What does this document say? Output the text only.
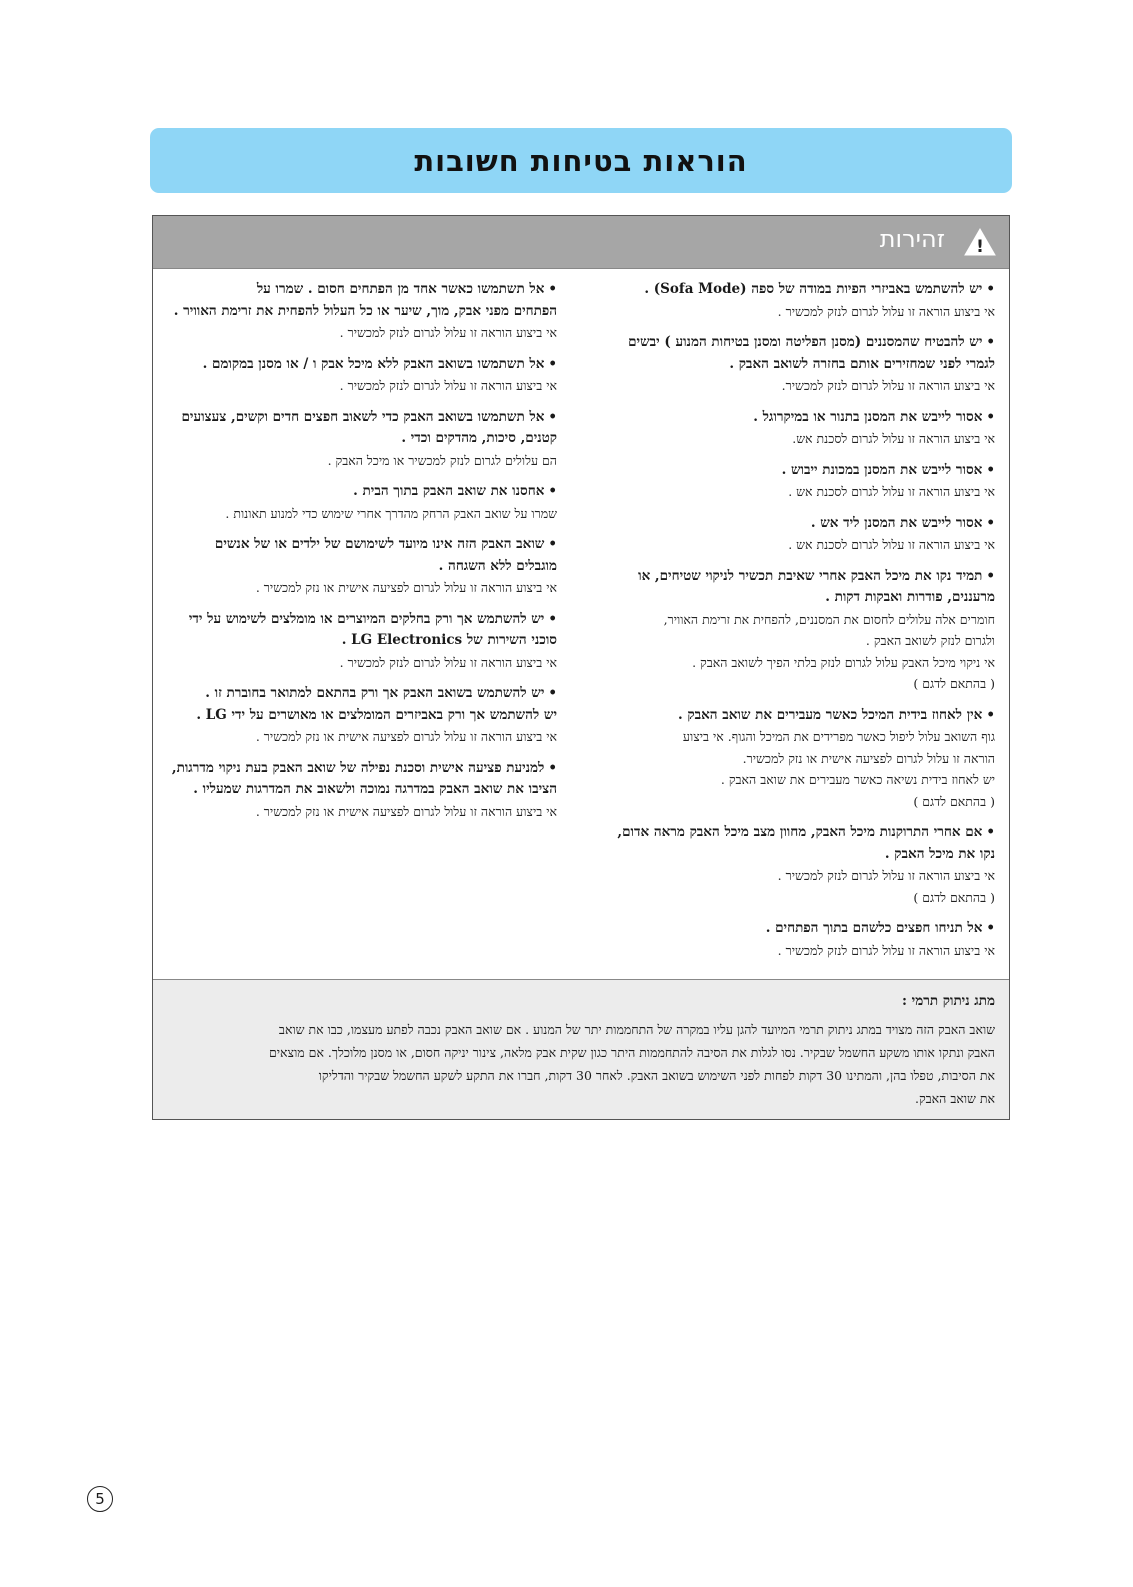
הוראות בטיחות חשובות
!
זהירות

•יש להשתמש באביזרי הפיות במודה של ספה (Sofa Mode) .

אי ביצוע הוראה זו עלול לגרום לנזק למכשיר .

•יש להבטיח שהמסננים (מסנן הפליטה ומסנן בטיחות המנוע ) יבשים

לגמרי לפני שמחזירים אותם בחזרה לשואב האבק .

אי ביצוע הוראה זו עלול לגרום לנזק למכשיר.

•אסור לייבש את המסנן בתנור או במיקרוגל .

אי ביצוע הוראה זו עלול לגרום לסכנת אש.

•אסור לייבש את המסנן במכונת ייבוש .

אי ביצוע הוראה זו עלול לגרום לסכנת אש .

•אסור לייבש את המסנן ליד אש .

אי ביצוע הוראה זו עלול לגרום לסכנת אש .

•תמיד נקו את מיכל האבק אחרי שאיבת תכשיר לניקוי שטיחים, או

מרעננים, פודרות ואבקות דקות .

חומרים אלה עלולים לחסום את המסננים, להפחית את זרימת האוויר,

ולגרום לנזק לשואב האבק .

אי ניקוי מיכל האבק עלול לגרום לנזק בלתי הפיך לשואב האבק .

( בהתאם לדגם )

•אין לאחוז בידית המיכל כאשר מעבירים את שואב האבק .

גוף השואב עלול ליפול כאשר מפרידים את המיכל והגוף. אי ביצוע

הוראה זו עלול לגרום לפציעה אישית או נזק למכשיר.

יש לאחוז בידית נשיאה כאשר מעבירים את שואב האבק .

( בהתאם לדגם )

•אם אחרי התרוקנות מיכל האבק, מחוון מצב מיכל האבק מראה אדום,

נקו את מיכל האבק .

אי ביצוע הוראה זו עלול לגרום לנזק למכשיר .

( בהתאם לדגם )

•אל תניחו חפצים כלשהם בתוך הפתחים .

אי ביצוע הוראה זו עלול לגרום לנזק למכשיר .

•אל תשתמשו כאשר אחד מן הפתחים חסום . שמרו על

הפתחים מפני אבק, מוך, שיער או כל העלול להפחית את זרימת האוויר .

אי ביצוע הוראה זו עלול לגרום לנזק למכשיר .

•אל תשתמשו בשואב האבק ללא מיכל אבק ו / או מסנן במקומם .

אי ביצוע הוראה זו עלול לגרום לנזק למכשיר .

•אל תשתמשו בשואב האבק כדי לשאוב חפצים חדים וקשים, צעצועים

קטנים, סיכות, מהדקים וכדי .

הם עלולים לגרום לנזק למכשיר או מיכל האבק .

•אחסנו את שואב האבק בתוך הבית .

שמרו על שואב האבק הרחק מהדרך אחרי שימוש כדי למנוע תאונות .

•שואב האבק הזה אינו מיועד לשימושם של ילדים או של אנשים

מוגבלים ללא השגחה .

אי ביצוע הוראה זו עלול לגרום לפציעה אישית או נזק למכשיר .

•יש להשתמש אך ורק בחלקים המיוצרים או מומלצים לשימוש על ידי

סוכני השירות של LG Electronics .

אי ביצוע הוראה זו עלול לגרום לנזק למכשיר .

•יש להשתמש בשואב האבק אך ורק בהתאם למתואר בחוברת זו .

יש להשתמש אך ורק באביזרים המומלצים או מאושרים על ידי LG .

אי ביצוע הוראה זו עלול לגרום לפציעה אישית או נזק למכשיר .

•למניעת פציעה אישית וסכנת נפילה של שואב האבק בעת ניקוי מדרגות,

הציבו את שואב האבק במדרגה נמוכה ולשאוב את המדרגות שמעליו .

אי ביצוע הוראה זו עלול לגרום לפציעה אישית או נזק למכשיר .

מתג ניתוק תרמי :

שואב האבק הזה מצויד במתג ניתוק תרמי המיועד להגן עליו במקרה של התחממות יתר של המנוע . אם שואב האבק נכבה לפתע מעצמו, כבו את שואב

האבק ונתקו אותו משקע החשמל שבקיר. נסו לגלות את הסיבה להתחממות היתר כגון שקית אבק מלאה, צינור יניקה חסום, או מסנן מלוכלך. אם מוצאים

את הסיבות, טפלו בהן, והמתינו 30 דקות לפחות לפני השימוש בשואב האבק. לאחר 30 דקות, חברו את התקע לשקע החשמל שבקיר והדליקו

את שואב האבק.

5
